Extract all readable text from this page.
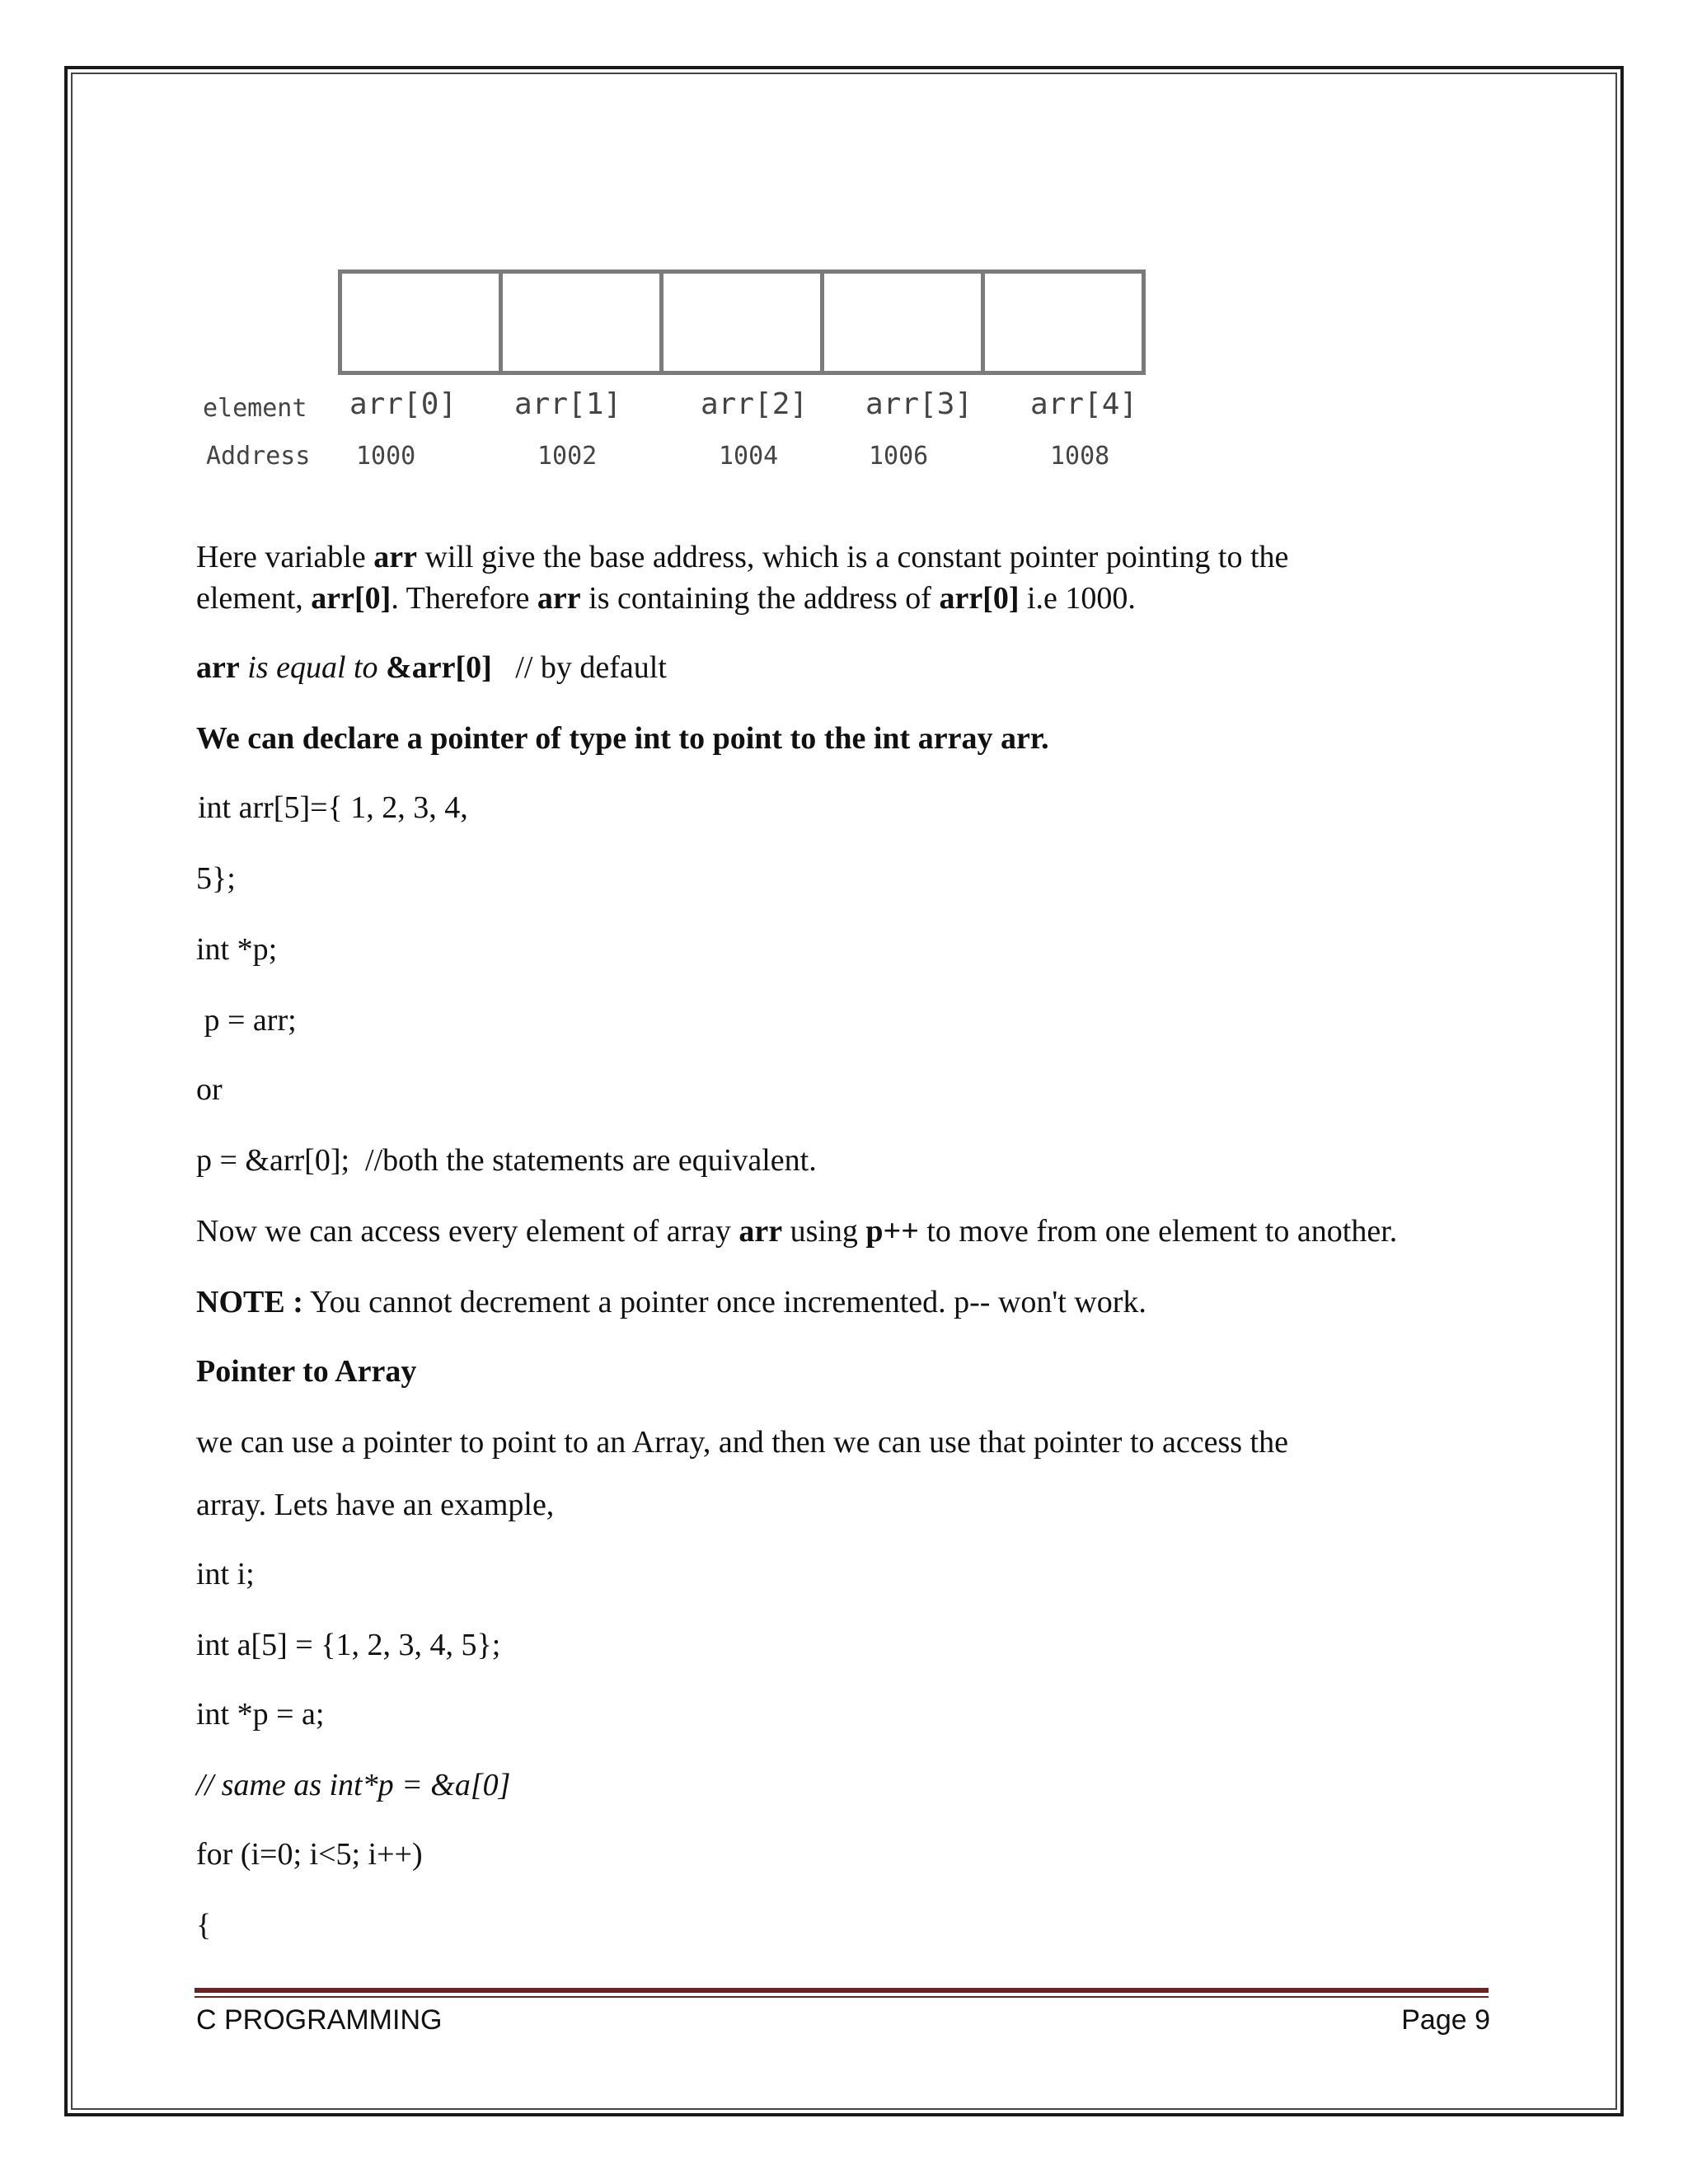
element arr[0] arr[1]	arr[2] arr[3] arr[4]
Address 1000	1002	1004	1006	1008
Here variable arr will give the base address, which is a constant pointer pointing to the
element, arr[0]. Therefore arr is containing the address of arr[0] i.e 1000.
arr is equal to &arr[0]   // by default
We can declare a pointer of type int to point to the int array arr.
int arr[5]={ 1, 2, 3, 4,
5};
int *p;
p = arr;
or
p = &arr[0];  //both the statements are equivalent.
Now we can access every element of array arr using p++ to move from one element to another.
NOTE : You cannot decrement a pointer once incremented. p-- won't work.
Pointer to Array
we can use a pointer to point to an Array, and then we can use that pointer to access the
array. Lets have an example,
int i;
int a[5] = {1, 2, 3, 4, 5};
int *p = a;
// same as int*p = &a[0]
for (i=0; i<5; i++)
{
C PROGRAMMING	Page 9
